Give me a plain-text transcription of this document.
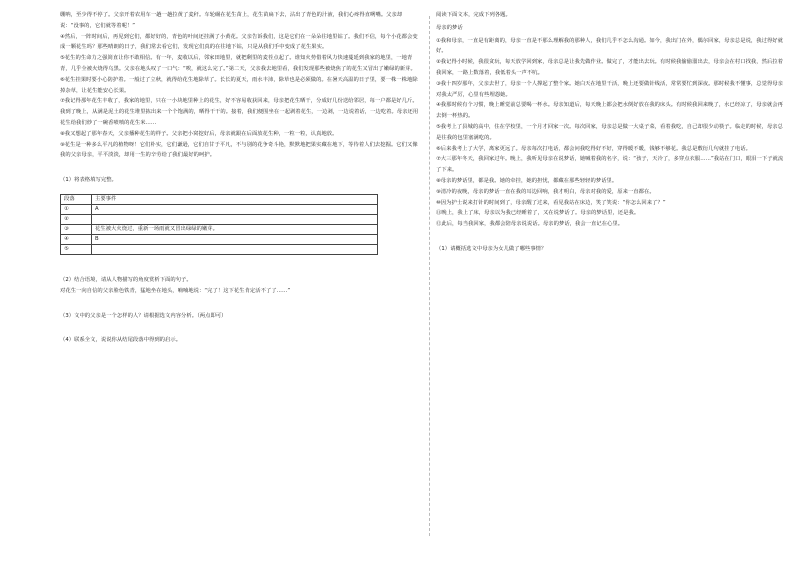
绷呐，至少得不停了。父亲开着农用车一趟一趟拉黄了麦秆。车轮碾在花生苗上，花生苗扁下去，沾出了青色的汁液，我们心疼得直咧嘴。父亲却说：“没事的，它们就等着呢！”

④然后，一阵时间后，再见到它们，都好好的，青色的叶间还挂满了小黄花。父亲告诉我们，这是它们在一朵朵往地里钻了。我们不信，每个小花都会变成一颗花生吗？那些晴朗的日子，我们常去看它们，发现它们真的在往地下钻，只是从我们手中变成了花生果实。

⑤花生的生命力之强简直让你不敢相信。有一年，麦收以后，邻家田地里，就把剩里的麦茬点起了。谁知火势借着风力快速蔓延到我家的地里，一地青青，几乎全被火烧得乌黑。父亲在地头叹了一口气：“唉，就这么完了。”第二天，父亲我去地里看，我们发现那些被烧焦了的花生又冒出了嫩绿的新芽。

⑥花生挂果时要小心防护着。一般过了立秋，就得给花生地除草了。长长的夏天，雨水丰沛，除草也是必须做的。在暑天高温的日子里，要一株一株地除掉杂草，让花生能安心长果。

⑦我记得那年花生丰收了，我家的地里，只在一小块地里种上的花生，好不容易收获回来，母亲把花生晒干，分成好几份送给邻居，每一户都是好几斤。我到了晚上，从满是泥土的花生堆里拣出来一个个饱满的，晒得干干的。接着，我们便围坐在一起剥着花生，一边剥，一边说着话，一边吃着。母亲还用花生给我们炒了一碗香喷喷的花生米……

⑧我又想起了那年春天，父亲播种花生的样子。父亲把小窝挖好后，母亲就跟在后面放花生种，一粒一粒，认真地放。

⑨花生是一种多么平凡的植物呀！它们朴实，它们谦逊，它们自甘于平凡，不与别的花争奇斗艳，默默地把果实藏在地下，等待着人们去挖掘。它们又像我的父亲母亲，平平淡淡，却用一生的辛劳给了我们最好的呵护。

（1）将表格填写完整。

段落	主要事件
①	A
②	
③	花生被大火烧过，重新一场雨就又冒出绿绿的嫩芽。
④	B
⑤	

（2）结合语境，请从人物描写的角度赏析下面的句子。

对花生一向自信的父亲脸色铁青，猛地坐在地头，喃喃地说：“完了！这下花生肯定活不了了……”

（3）文中的父亲是一个怎样的人？请根据选文内容分析。（两点即可）

（4）联系全文，说说你从结尾段落中得到的启示。

阅读下面文本，完成下列各题。

母亲的梦话

①我和母亲，一直是有距离的，母亲一直是不那么理解我的那种人，我们几乎不怎么沟通。如今，我出门在外，偶尔回家，母亲总是说，我过得好就好。

②我记得小时候，我很贪玩，每天放学回到家，母亲总是让我先做作业。做完了，才能出去玩。有时候我偷偷溜出去，母亲会在村口找我，然后拉着我回家，一路上数落着，我低着头一声不吭。

③我十四岁那年，父亲去世了，母亲一个人撑起了整个家。她白天在地里干活，晚上还要做针线活，常常要忙到深夜。那时候我不懂事，总觉得母亲对我太严厉，心里有些埋怨她。

④我那时候有个习惯，晚上睡觉前总要喝一杯水。母亲知道后，每天晚上都会把水倒好放在我的床头。有时候我回来晚了，水已经凉了，母亲就会再去倒一杯热的。

⑤我考上了县城的高中，住在学校里，一个月才回家一次。每次回家，母亲总是做一大桌子菜，看着我吃，自己却很少动筷子。临走的时候，母亲总是往我的包里塞满吃的。

⑥后来我考上了大学，离家更远了。母亲每次打电话，都会问我吃得好不好，穿得暖不暖，钱够不够花。我总是敷衍几句就挂了电话。

⑦大三那年冬天，我回家过年。晚上，我听见母亲在说梦话，她喊着我的名字，说：“孩子，天冷了，多穿点衣服……”我站在门口，眼泪一下子就流了下来。

⑧母亲的梦话里，都是我。她的牵挂，她的担忧，都藏在那些轻轻的梦话里。

⑨清冷的夜晚，母亲的梦话一直在我的耳边回响，我才明白，母亲对我的爱，原来一直都在。

⑩因为护士说来打针的时间到了，母亲醒了过来，看见我站在床边，笑了笑说：“你怎么回来了？”

⑪晚上，我上了床，母亲以为我已经睡着了，又在说梦话了。母亲的梦话里，还是我。

⑫此后，每当我回家，我都会陪母亲说说话。母亲的梦话，我会一直记在心里。

（1）请概括选文中母亲为女儿做了哪些事情？
